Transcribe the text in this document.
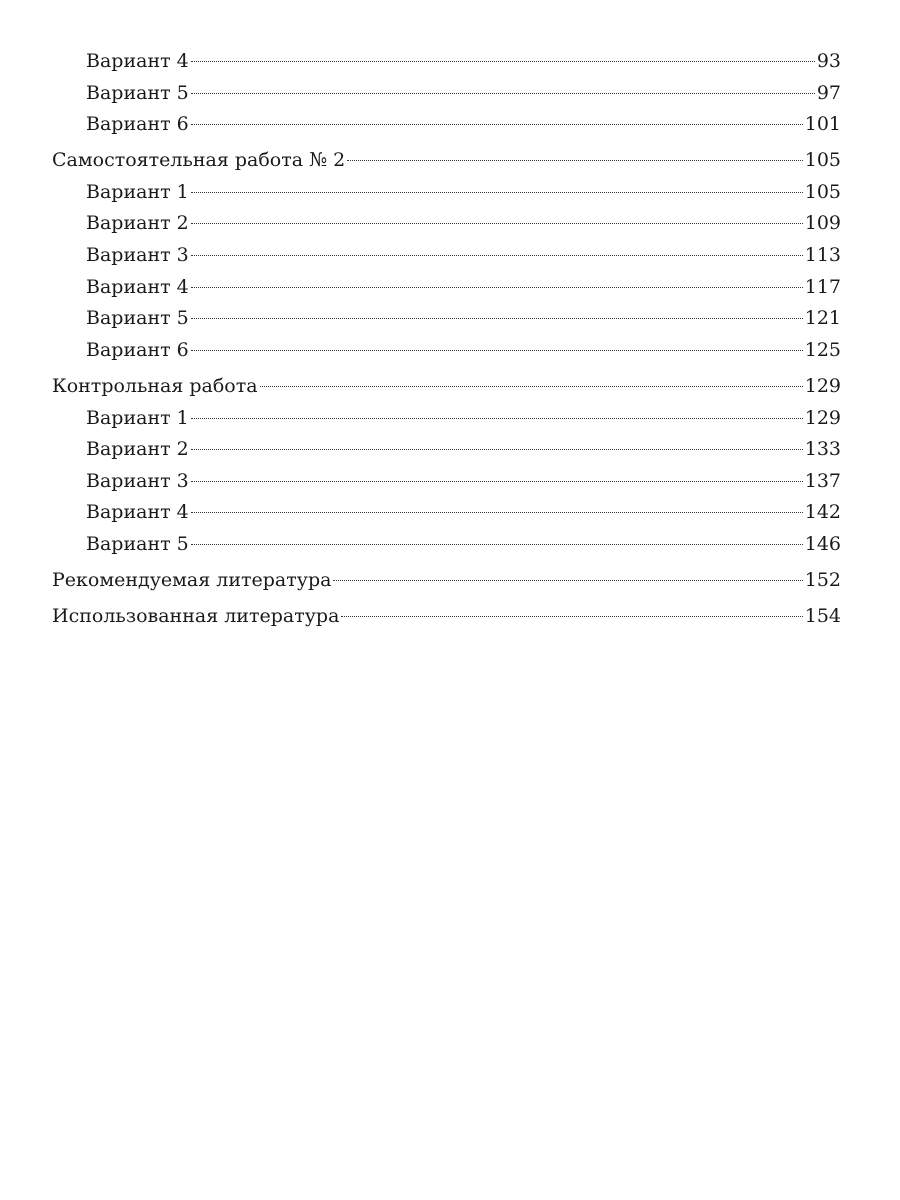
Вариант 4	93
Вариант 5	97
Вариант 6	101
Самостоятельная работа № 2	105
Вариант 1	105
Вариант 2	109
Вариант 3	113
Вариант 4	117
Вариант 5	121
Вариант 6	125
Контрольная работа	129
Вариант 1	129
Вариант 2	133
Вариант 3	137
Вариант 4	142
Вариант 5	146
Рекомендуемая литература	152
Использованная литература	154
